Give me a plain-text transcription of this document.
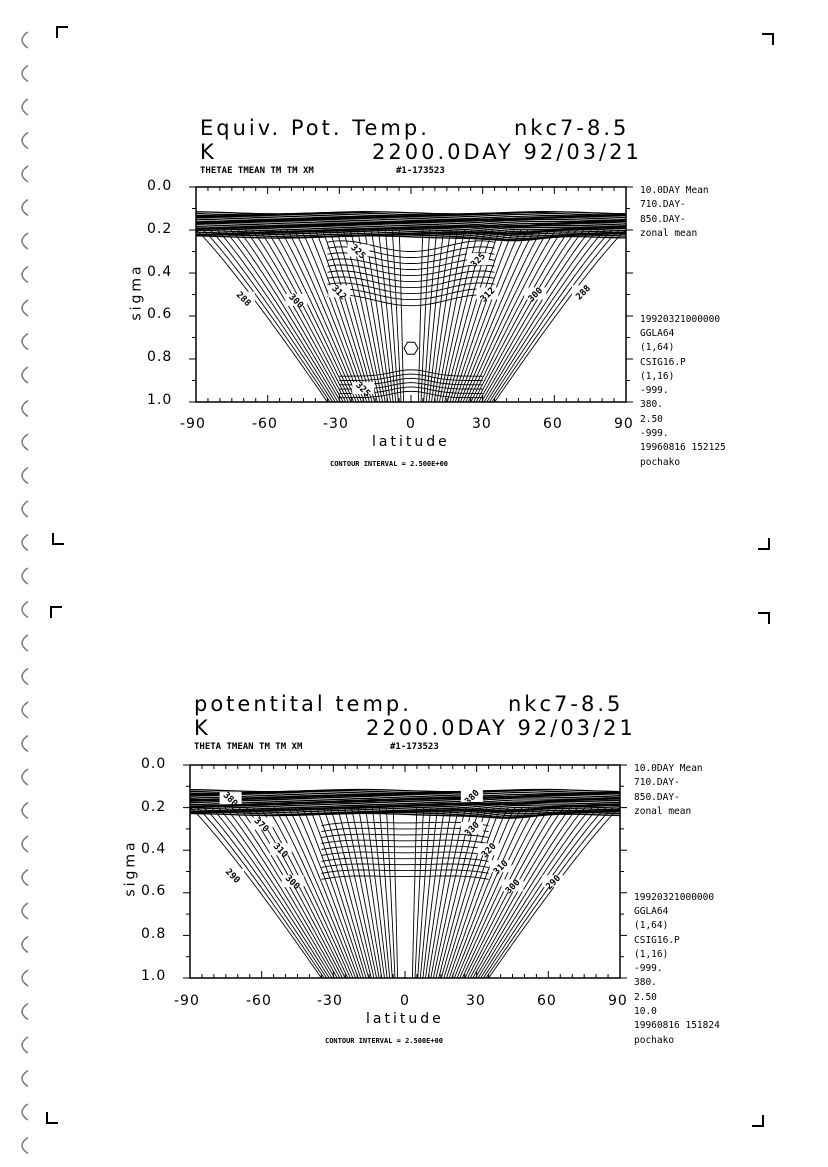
Equiv. Pot. Temp.	nkc7-8.5
K	2200.0DAY 92/03/21
THETAE TMEAN TM TM XM	#1-173523
0.0
0.2
0.4
0.6
0.8
1.0
sigma
-90	-60	-30	0	30	60	90
latitude
CONTOUR INTERVAL = 2.500E+00
10.0DAY Mean
710.DAY-
850.DAY-
zonal mean

19920321000000
GGLA64
(1,64)
CSIG16.P
(1,16)
-999.
380.
2.50
-999.
19960816 152125
pochako
288	300	312
325	325
312	300	288
325
potentital temp.	nkc7-8.5
K	2200.0DAY 92/03/21
THETA TMEAN TM TM XM	#1-173523
0.0
0.2
0.4
0.6
0.8
1.0
sigma
-90	-60	-30	0	30	60	90
latitude
CONTOUR INTERVAL = 2.500E+00
10.0DAY Mean
710.DAY-
850.DAY-
zonal mean

19920321000000
GGLA64
(1,64)
CSIG16.P
(1,16)
-999.
380.
2.50
10.0
19960816 151824
pochako
380
370
310
290	300
380
330
320
310
300 290
